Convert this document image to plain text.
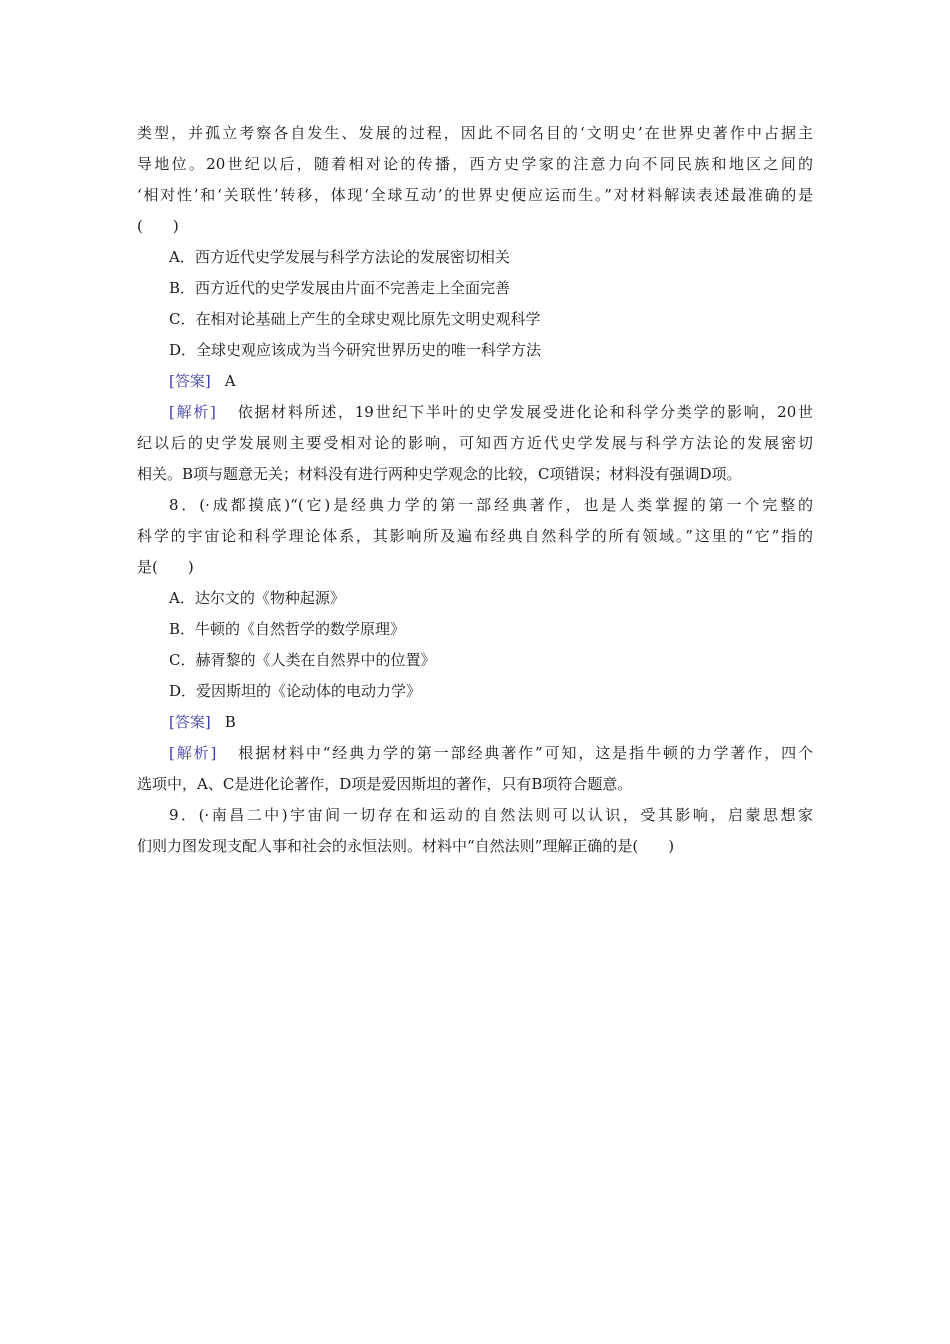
类型，并孤立考察各自发生、发展的过程，因此不同名目的‘文明史’在世界史著作中占据主
导地位。20世纪以后，随着相对论的传播，西方史学家的注意力向不同民族和地区之间的
‘相对性’和‘关联性’转移，体现‘全球互动’的世界史便应运而生。”对材料解读表述最准确的是
(　　)
A．西方近代史学发展与科学方法论的发展密切相关
B．西方近代的史学发展由片面不完善走上全面完善
C．在相对论基础上产生的全球史观比原先文明史观科学
D．全球史观应该成为当今研究世界历史的唯一科学方法
[答案] A
[解析] 依据材料所述，19世纪下半叶的史学发展受进化论和科学分类学的影响，20世
纪以后的史学发展则主要受相对论的影响，可知西方近代史学发展与科学方法论的发展密切
相关。B项与题意无关；材料没有进行两种史学观念的比较，C项错误；材料没有强调D项。
8．(·成都摸底)“(它)是经典力学的第一部经典著作，也是人类掌握的第一个完整的
科学的宇宙论和科学理论体系，其影响所及遍布经典自然科学的所有领域。”这里的“它”指的
是(　　)
A．达尔文的《物种起源》
B．牛顿的《自然哲学的数学原理》
C．赫胥黎的《人类在自然界中的位置》
D．爱因斯坦的《论动体的电动力学》
[答案] B
[解析] 根据材料中“经典力学的第一部经典著作”可知，这是指牛顿的力学著作，四个
选项中，A、C是进化论著作，D项是爱因斯坦的著作，只有B项符合题意。
9．(·南昌二中)宇宙间一切存在和运动的自然法则可以认识，受其影响，启蒙思想家
们则力图发现支配人事和社会的永恒法则。材料中“自然法则”理解正确的是(　　)
